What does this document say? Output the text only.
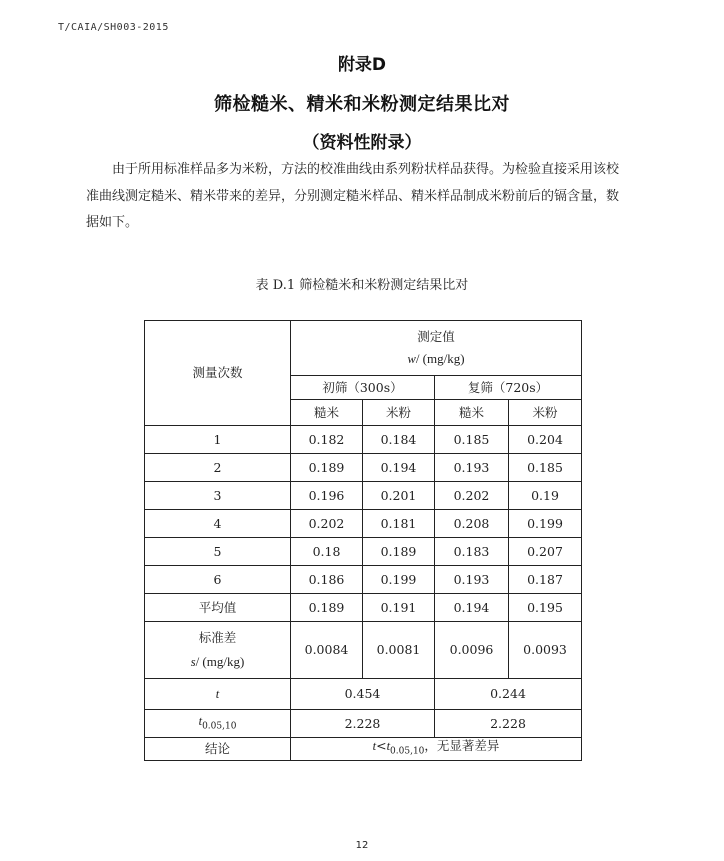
T/CAIA/SH003-2015
附录D
筛检糙米、精米和米粉测定结果比对
（资料性附录）
由于所用标准样品多为米粉，方法的校准曲线由系列粉状样品获得。为检验直接采用该校
准曲线测定糙米、精米带来的差异，分别测定糙米样品、精米样品制成米粉前后的镉含量，数
据如下。
表 D.1 筛检糙米和米粉测定结果比对
测量次数	测定值
w/ (mg/kg)			

	初筛（300s）		复筛（720s）	
	糙米	米粉	糙米	米粉
1	0.182	0.184	0.185	0.204
2	0.189	0.194	0.193	0.185
3	0.196	0.201	0.202	0.19
4	0.202	0.181	0.208	0.199
5	0.18	0.189	0.183	0.207
6	0.186	0.199	0.193	0.187
平均值	0.189	0.191	0.194	0.195

标准差
s/ (mg/kg)	0.0084	0.0081	0.0096	0.0093
t	0.454		0.244	
$t_{0.05,10}$	2.228		2.228	
结论	$t<t_{0.05,10}$，无显著差异			
12
